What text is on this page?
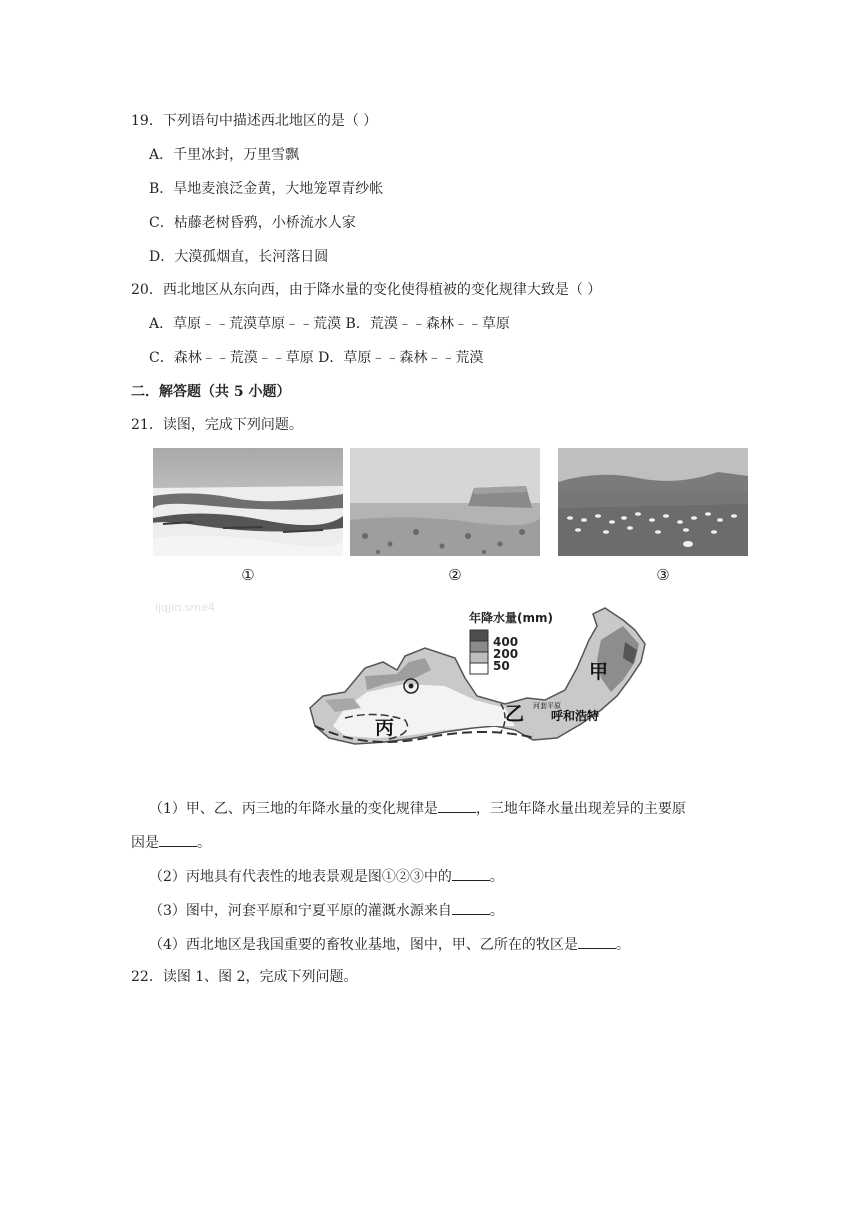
19．下列语句中描述西北地区的是（ ）
A．千里冰封，万里雪飘
B．旱地麦浪泛金黄，大地笼罩青纱帐
C．枯藤老树昏鸦，小桥流水人家
D．大漠孤烟直，长河落日圆
20．西北地区从东向西，由于降水量的变化使得植被的变化规律大致是（ ）
A．草原﹣﹣荒漠草原﹣﹣荒漠 B．荒漠﹣﹣森林﹣﹣草原
C．森林﹣﹣荒漠﹣﹣草原 D．草原﹣﹣森林﹣﹣荒漠
二．解答题（共 5 小题）
21．读图，完成下列问题。
①	②	③
ljqjin.sme4
年降水量(mm)
400
200
50	甲
乙
丙
呼和浩特
河套平原
（1）甲、乙、丙三地的年降水量的变化规律是	，三地年降水量出现差异的主要原
因是	。
（2）丙地具有代表性的地表景观是图①②③中的	。
（3）图中，河套平原和宁夏平原的灌溉水源来自	。
（4）西北地区是我国重要的畜牧业基地，图中，甲、乙所在的牧区是	。
22．读图 1、图 2，完成下列问题。
